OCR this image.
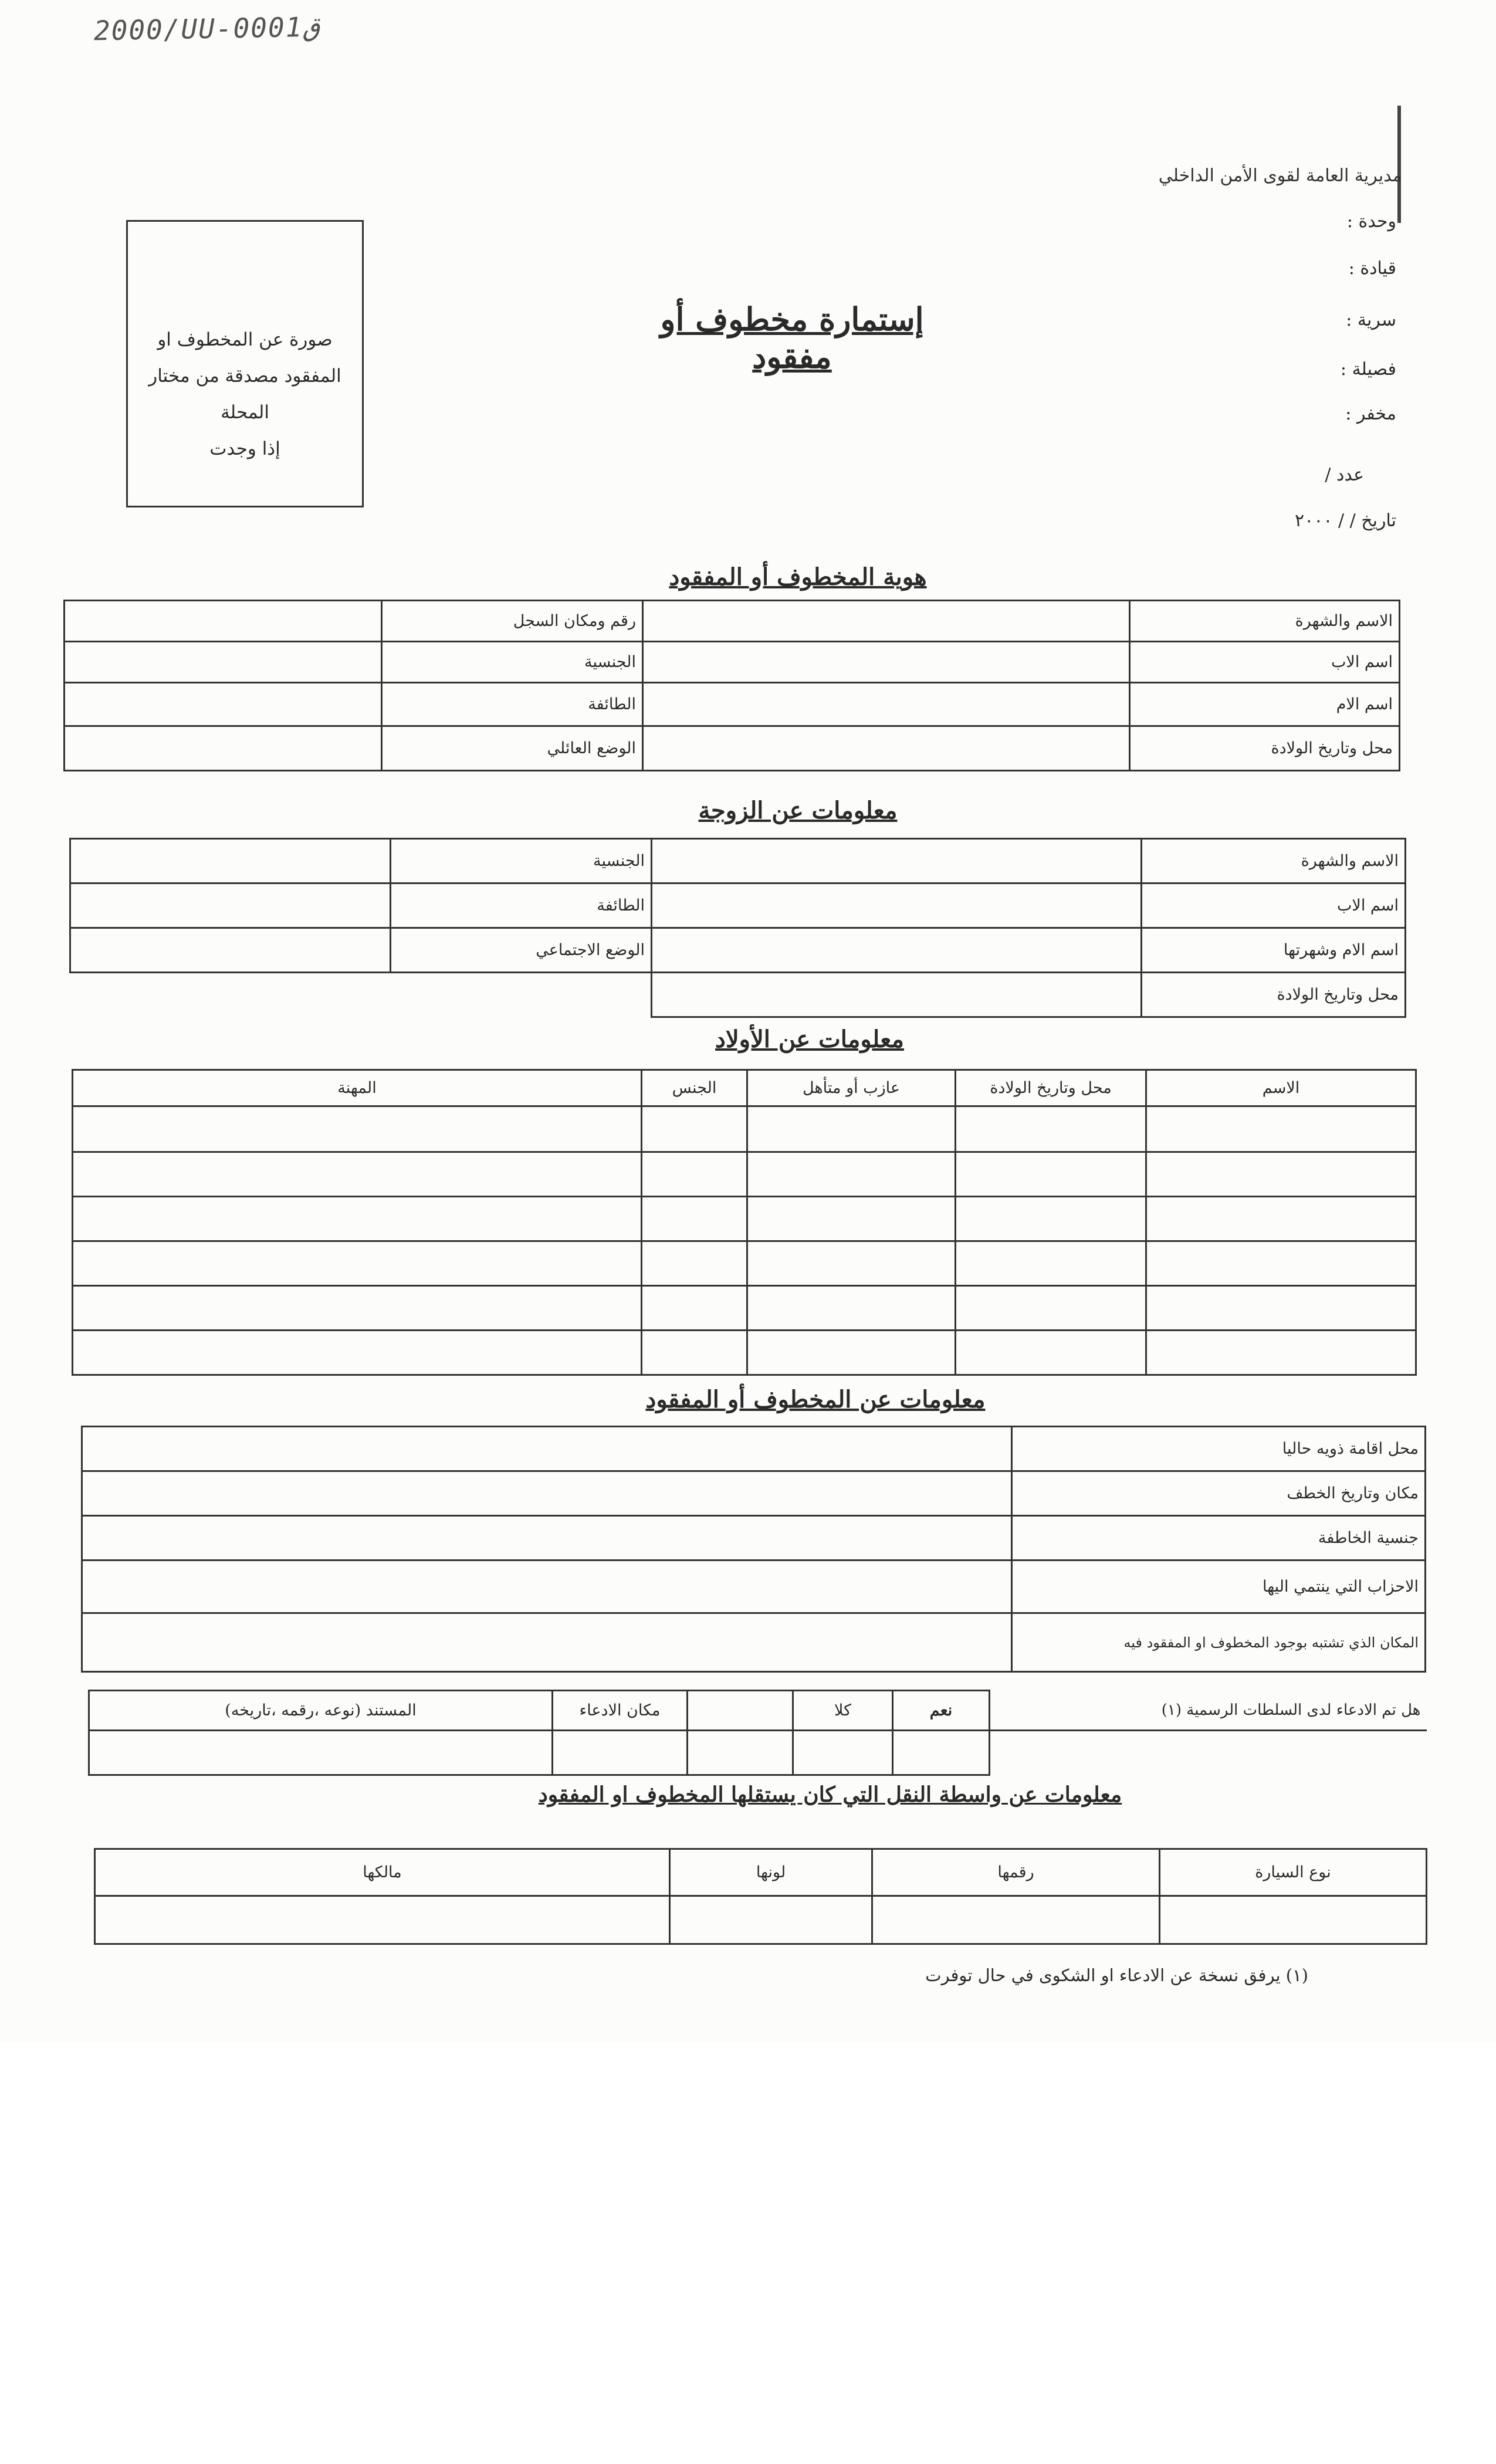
2000/UU-0001ق
مديرية العامة لقوى الأمن الداخلي
وحدة :
قيادة :
سرية :
فصيلة :
مخفر :
عدد /
تاريخ / / ٢٠٠٠
صورة عن المخطوف او
المفقود مصدقة من مختار المحلة
إذا وجدت
إستمارة مخطوف أو مفقود
هوية المخطوف أو المفقود
الاسم والشهرة		رقم ومكان السجل	
اسم الاب		الجنسية	
اسم الام		الطائفة	
محل وتاريخ الولادة		الوضع العائلي	
معلومات عن الزوجة
الاسم والشهرة		الجنسية	
اسم الاب		الطائفة	
اسم الام وشهرتها		الوضع الاجتماعي	
محل وتاريخ الولادة			
معلومات عن الأولاد
الاسم	محل وتاريخ الولادة	عازب أو متأهل	الجنس	المهنة

معلومات عن المخطوف أو المفقود
محل اقامة ذويه حاليا	
مكان وتاريخ الخطف	
جنسية الخاطفة	
الاحزاب التي ينتمي اليها	
المكان الذي تشتبه بوجود المخطوف او المفقود فيه	
هل تم الادعاء لدى السلطات الرسمية (١)	نعم	كلا		مكان الادعاء	المستند (نوعه ،رقمه ،تاريخه)

معلومات عن واسطة النقل التي كان يستقلها المخطوف او المفقود
نوع السيارة	رقمها	لونها	مالكها

(١) يرفق نسخة عن الادعاء او الشكوى في حال توفرت
